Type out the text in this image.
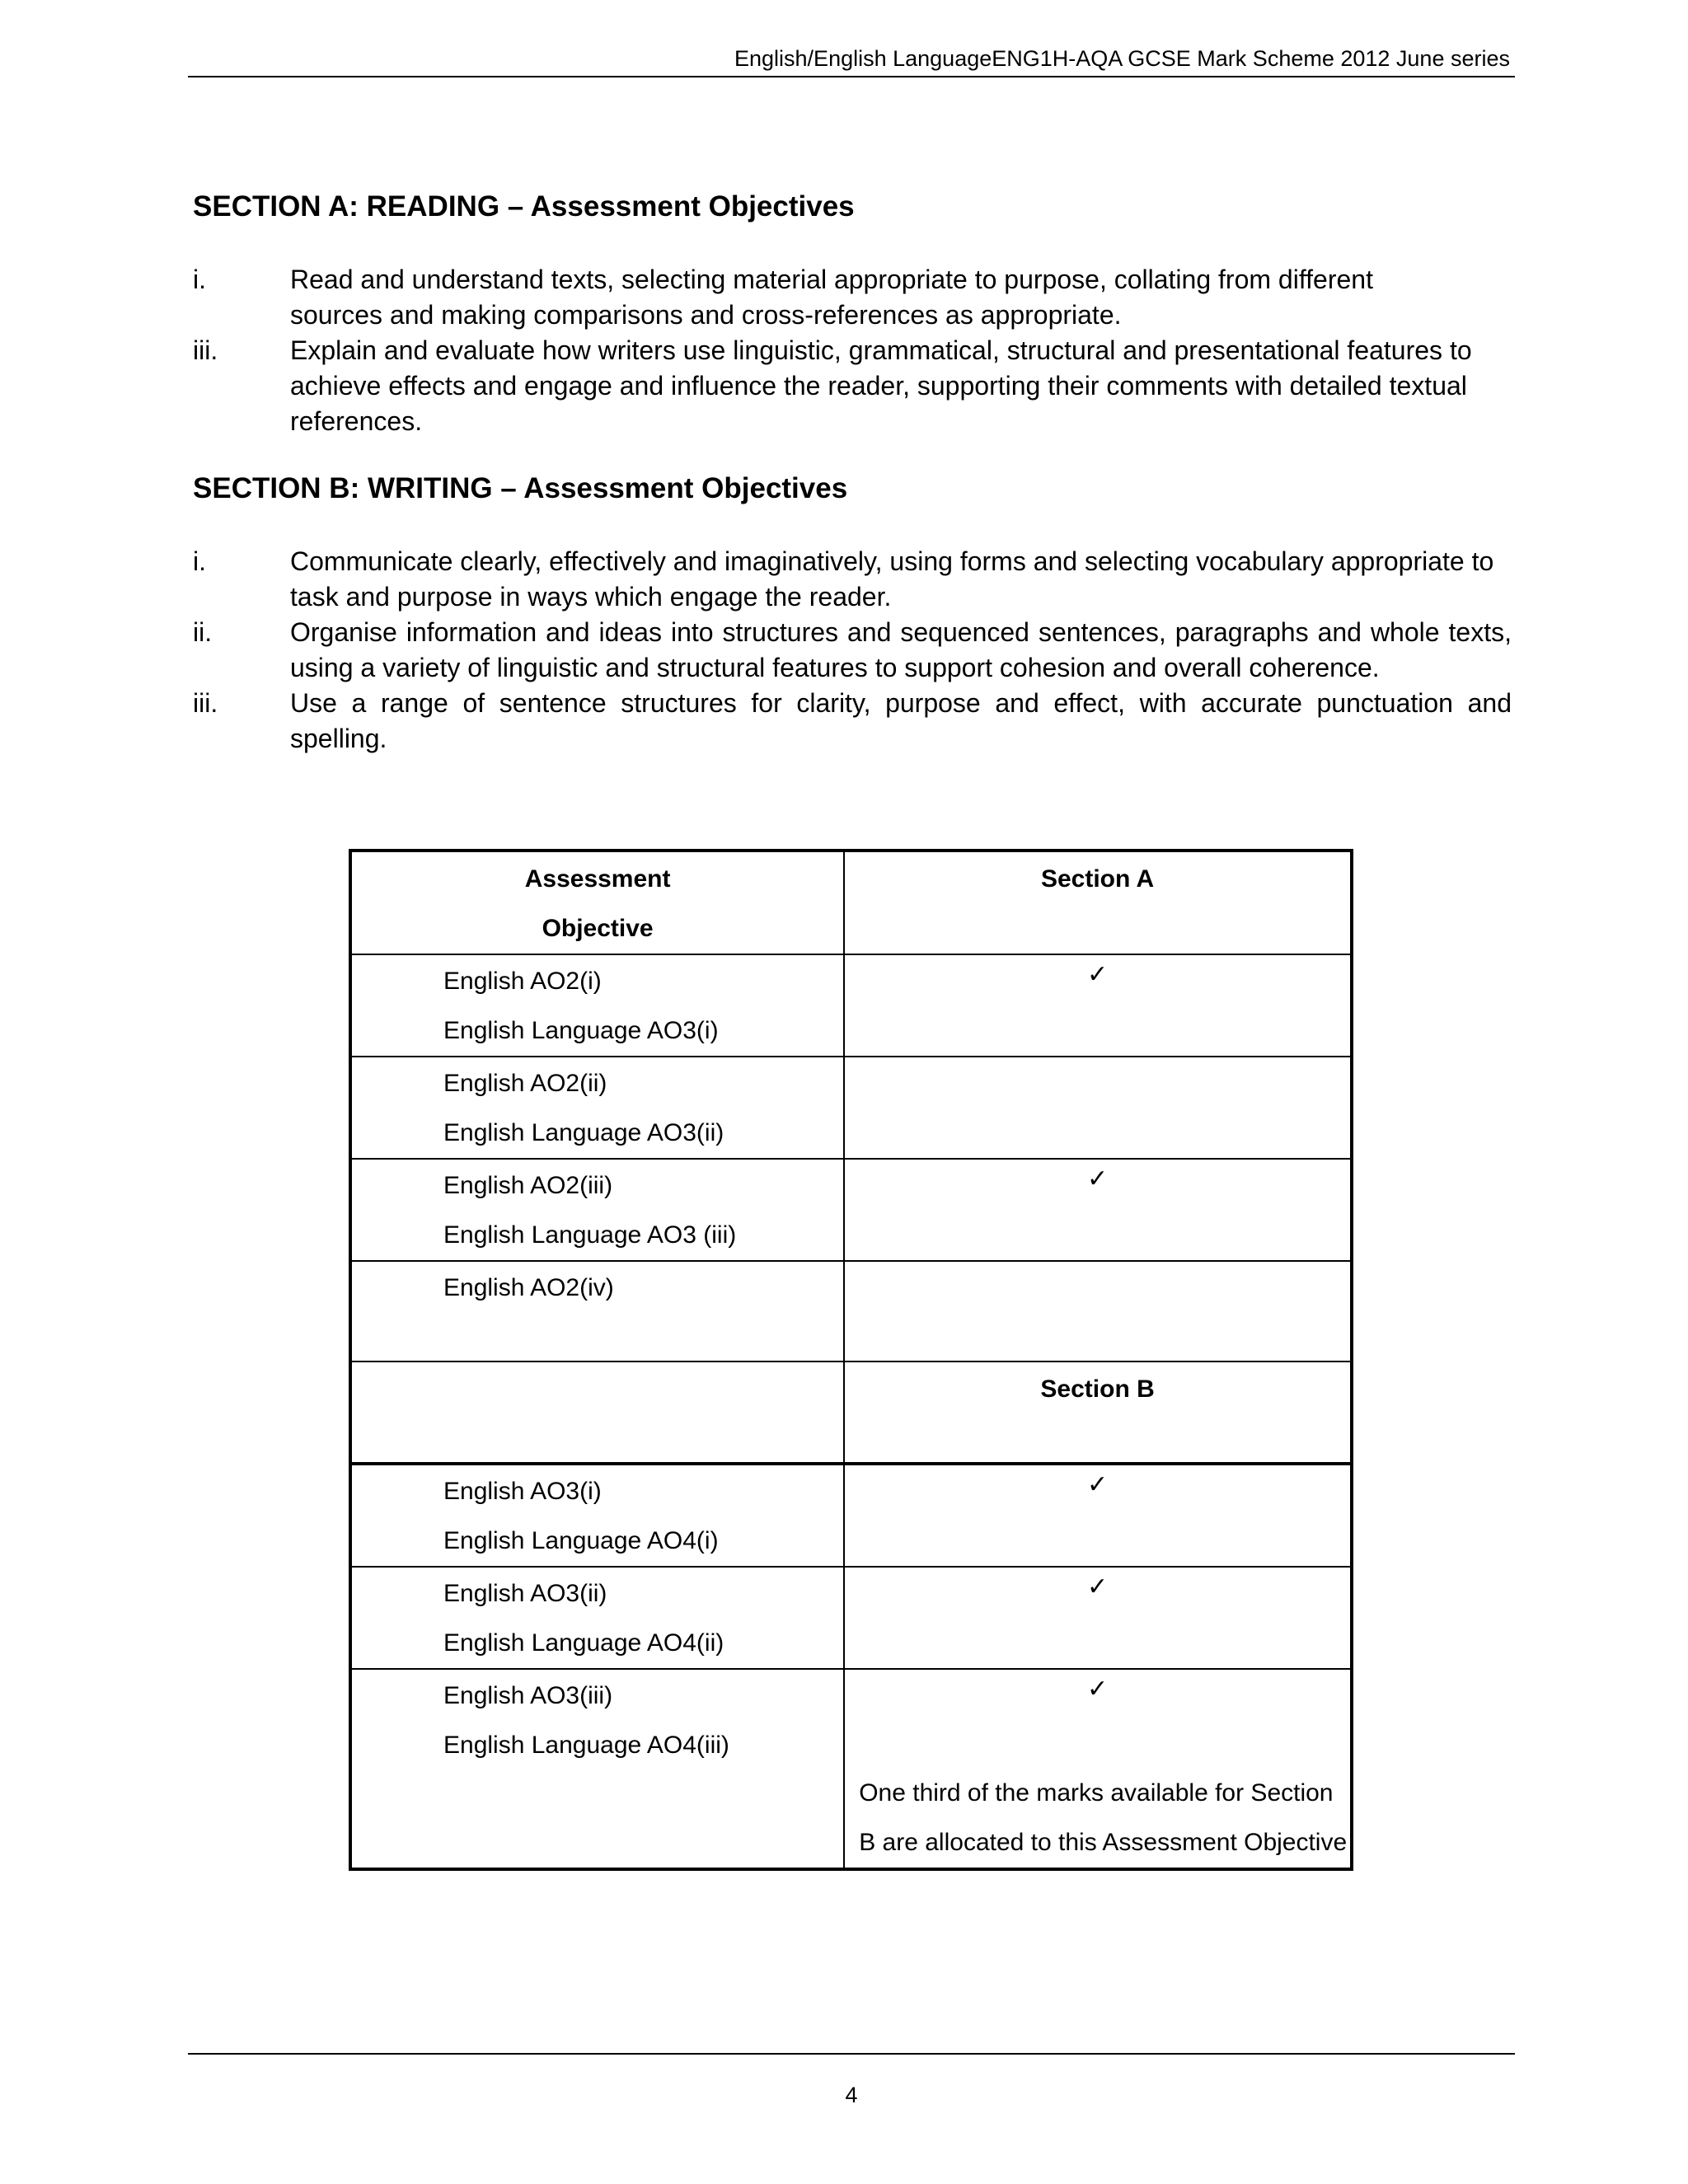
English/English LanguageENG1H-AQA GCSE Mark Scheme 2012 June series
SECTION A: READING – Assessment Objectives
i.	Read and understand texts, selecting material appropriate to purpose, collating from different sources and making comparisons and cross-references as appropriate.
iii.	Explain and evaluate how writers use linguistic, grammatical, structural and presentational features to achieve effects and engage and influence the reader, supporting their comments with detailed textual references.
SECTION B: WRITING – Assessment Objectives
i.	Communicate clearly, effectively and imaginatively, using forms and selecting vocabulary appropriate to task and purpose in ways which engage the reader.
ii.	Organise information and ideas into structures and sequenced sentences, paragraphs and whole texts, using a variety of linguistic and structural features to support cohesion and overall coherence.
iii.	Use a range of sentence structures for clarity, purpose and effect, with accurate punctuation and spelling.
Assessment
Objective	Section A

English AO2(i)
English Language AO3(i)	✓

English AO2(ii)
English Language AO3(ii)	

English AO2(iii)
English Language AO3 (iii)	✓

English AO2(iv)	

	Section B

English AO3(i)
English Language AO4(i)	✓

English AO3(ii)
English Language AO4(ii)	✓

English AO3(iii)
English Language AO4(iii)	✓
One third of the marks available for Section B are allocated to this Assessment Objective
4
